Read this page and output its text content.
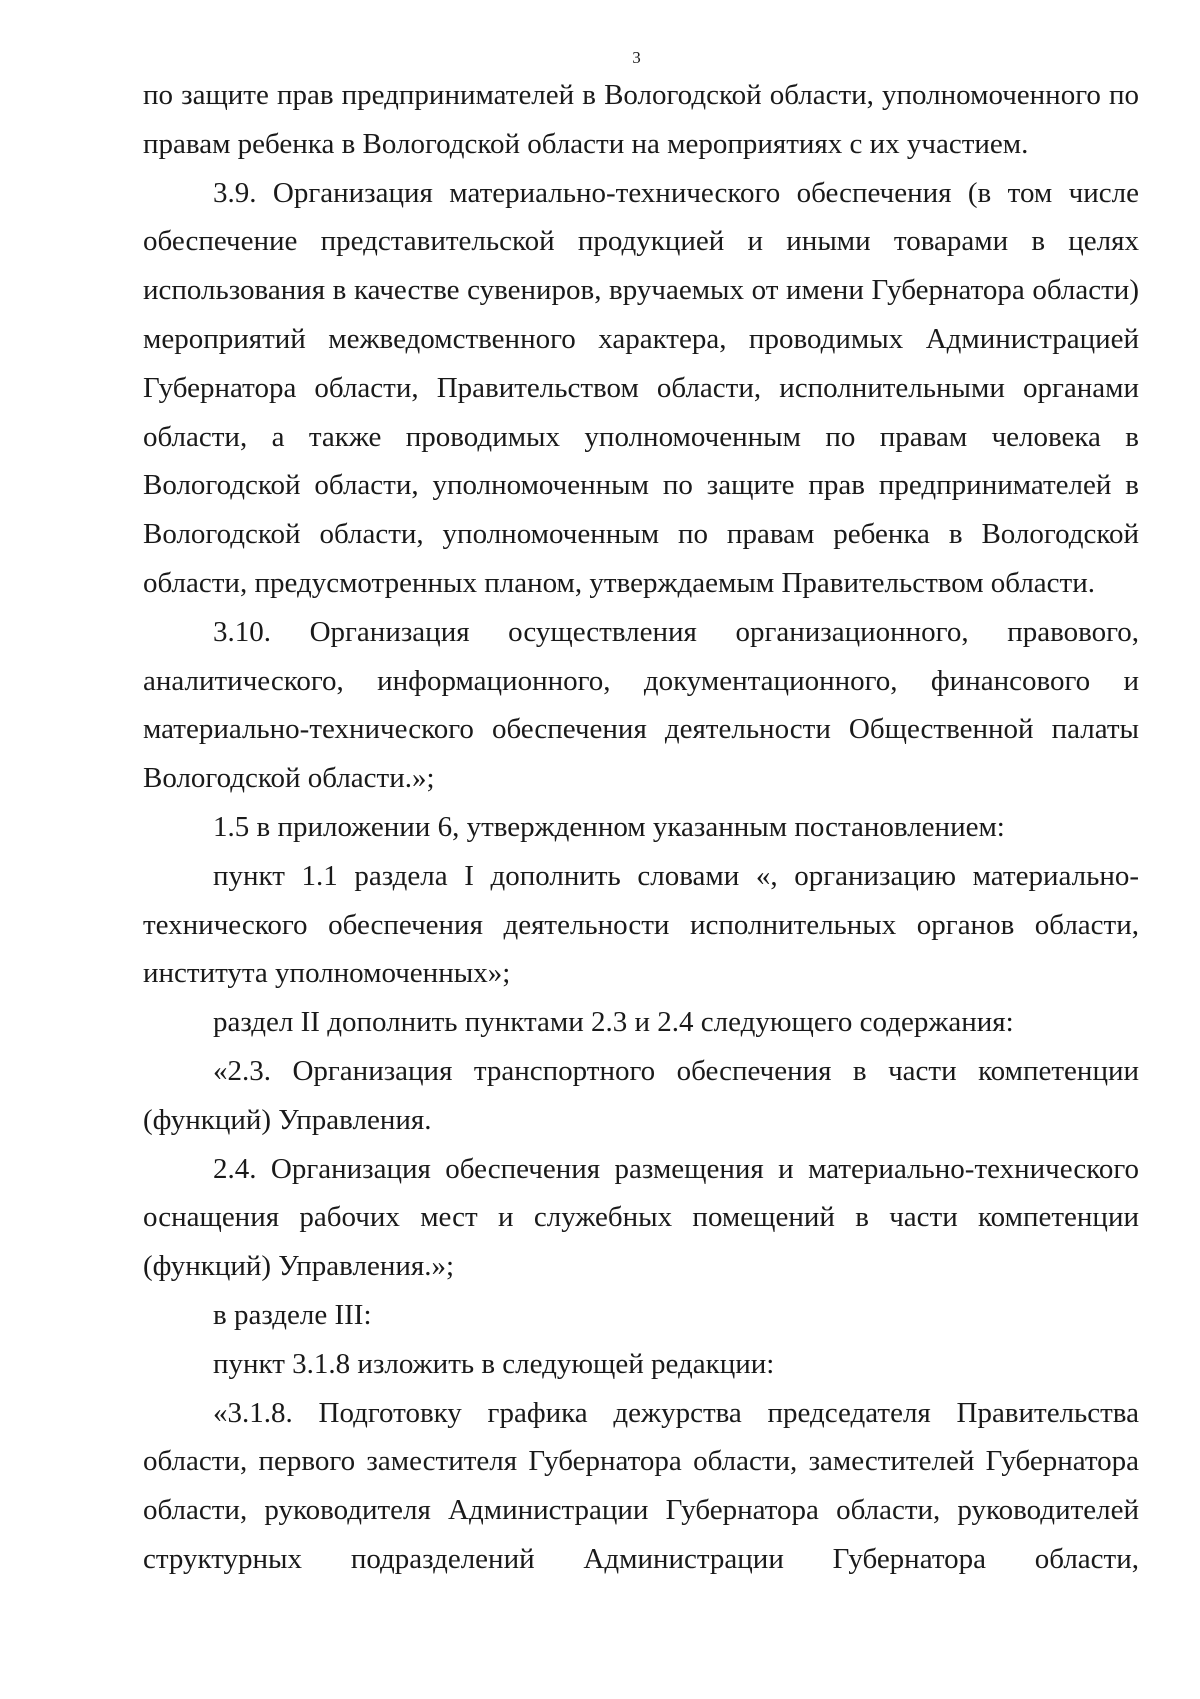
3

по защите прав предпринимателей в Вологодской области, уполномоченного по правам ребенка в Вологодской области на мероприятиях с их участием.

3.9. Организация материально-технического обеспечения (в том числе обеспечение представительской продукцией и иными товарами в целях использования в качестве сувениров, вручаемых от имени Губернатора области) мероприятий межведомственного характера, проводимых Администрацией Губернатора области, Правительством области, исполнительными органами области, а также проводимых уполномоченным по правам человека в Вологодской области, уполномоченным по защите прав предпринимателей в Вологодской области, уполномоченным по правам ребенка в Вологодской области, предусмотренных планом, утверждаемым Правительством области.

3.10. Организация осуществления организационного, правового, аналитического, информационного, документационного, финансового и материально-технического обеспечения деятельности Общественной палаты Вологодской области.»;

1.5 в приложении 6, утвержденном указанным постановлением:

пункт 1.1 раздела I дополнить словами «, организацию материально-технического обеспечения деятельности исполнительных органов области, института уполномоченных»;

раздел II дополнить пунктами 2.3 и 2.4 следующего содержания:

«2.3. Организация транспортного обеспечения в части компетенции (функций) Управления.

2.4. Организация обеспечения размещения и материально-технического оснащения рабочих мест и служебных помещений в части компетенции (функций) Управления.»;

в разделе III:

пункт 3.1.8 изложить в следующей редакции:

«3.1.8. Подготовку графика дежурства председателя Правительства области, первого заместителя Губернатора области, заместителей Губернатора области, руководителя Администрации Губернатора области, руководителей структурных подразделений Администрации Губернатора области,
